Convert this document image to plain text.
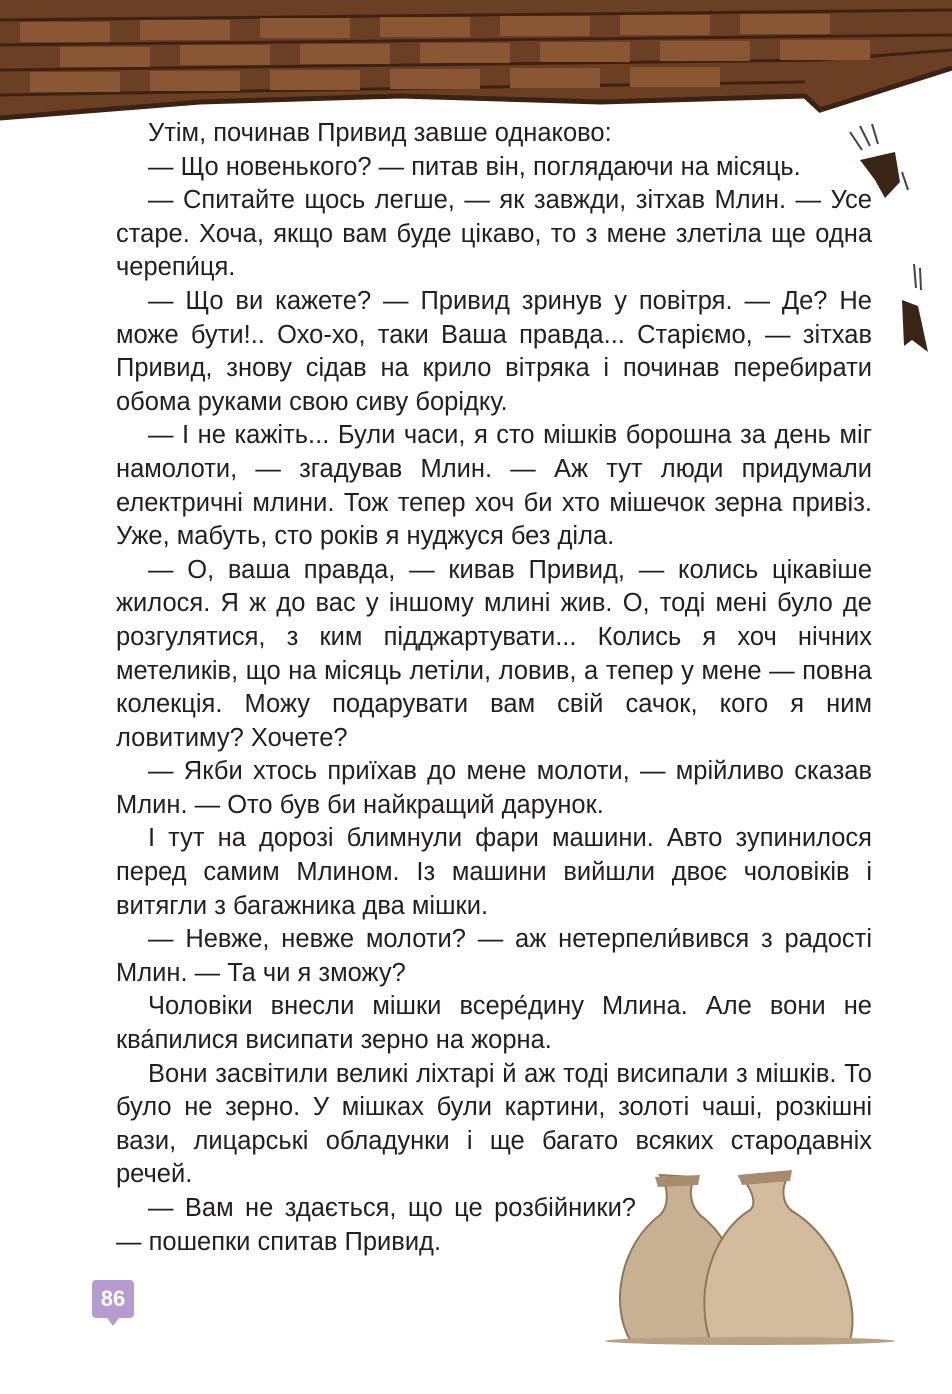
Утім, починав Привид завше однаково:

— Що новенького? — питав він, поглядаючи на місяць.

— Спитайте щось легше, — як завжди, зітхав Млин. — Усе старе. Хоча, якщо вам буде цікаво, то з мене злетіла ще одна черепи́ця.

— Що ви кажете? — Привид зринув у повітря. — Де? Не може бути!.. Охо-хо, таки Ваша правда... Старіємо, — зітхав Привид, знову сідав на крило вітряка і починав перебирати обома руками свою сиву борідку.

— І не кажіть... Були часи, я сто мішків борошна за день міг намолоти, — згадував Млин. — Аж тут люди придумали електричні млини. Тож тепер хоч би хто мішечок зерна привіз. Уже, мабуть, сто років я нуджуся без діла.

— О, ваша правда, — кивав Привид, — колись цікавіше жилося. Я ж до вас у іншому млині жив. О, тоді мені було де розгулятися, з ким підджартувати... Колись я хоч нічних метеликів, що на місяць летіли, ловив, а тепер у мене — повна колекція. Можу подарувати вам свій сачок, кого я ним ловитиму? Хочете?

— Якби хтось приїхав до мене молоти, — мрійливо сказав Млин. — Ото був би найкращий дарунок.

І тут на дорозі блимнули фари машини. Авто зупинилося перед самим Млином. Із машини вийшли двоє чоловіків і витягли з багажника два мішки.

— Невже, невже молоти? — аж нетерпели́вився з радості Млин. — Та чи я зможу?

Чоловіки внесли мішки всере́дину Млина. Але вони не ква́пилися висипати зерно на жорна.

Вони засвітили великі ліхтарі й аж тоді висипали з мішків. То було не зерно. У мішках були картини, золоті чаші, розкішні вази, лицарські обладунки і ще багато всяких стародавніх речей.

— Вам не здається, що це розбійники? — пошепки спитав Привид.

86
